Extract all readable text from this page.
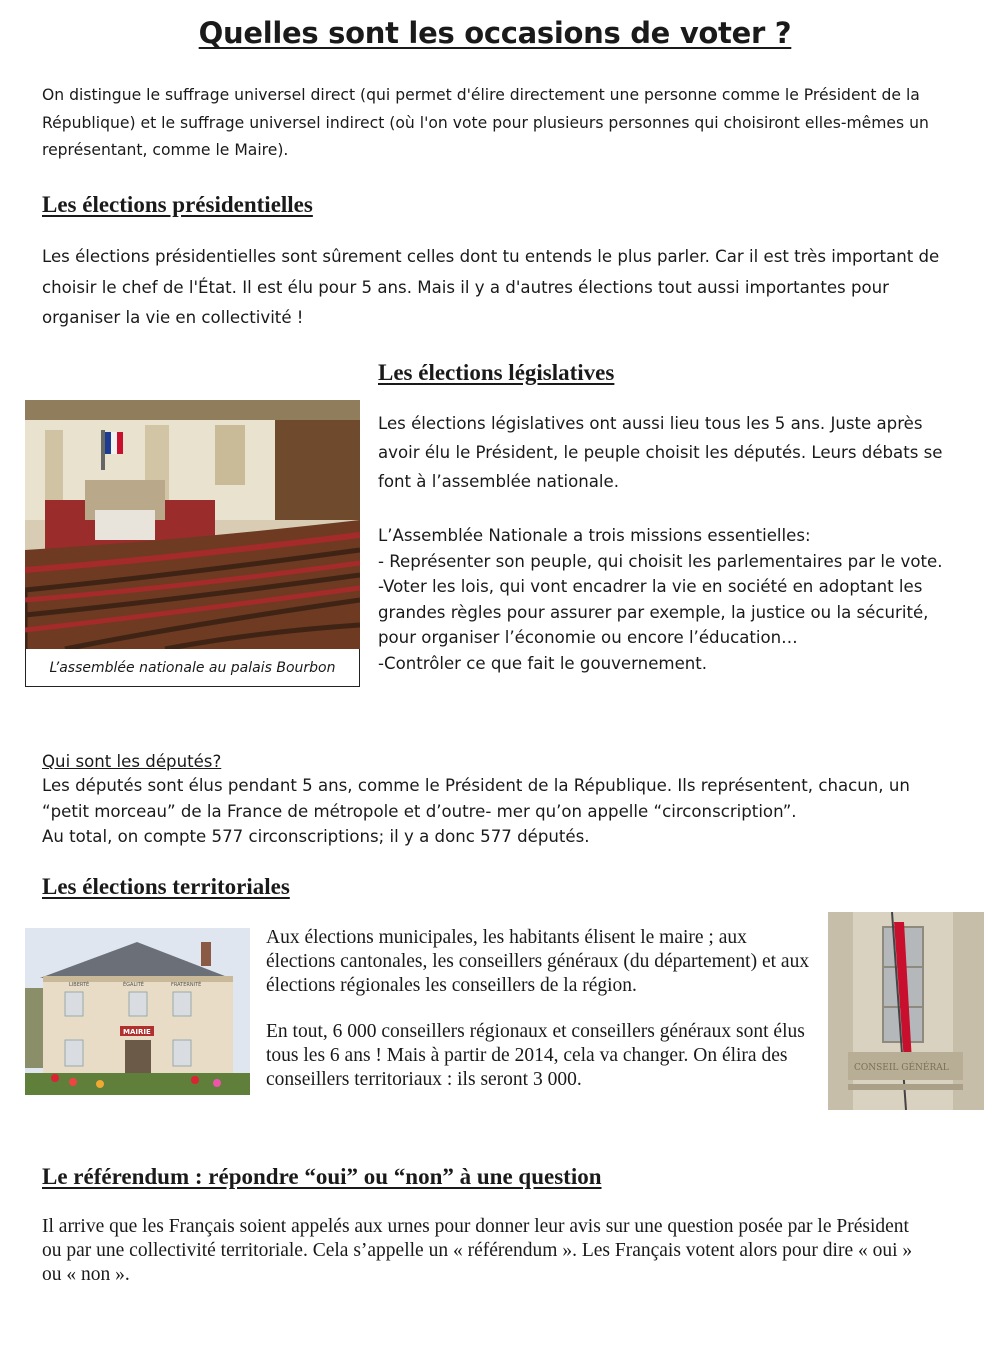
Quelles sont les occasions de voter ?

On distingue le suffrage universel direct (qui permet d'élire directement une personne comme le Président de la République) et le suffrage universel indirect (où l'on vote pour plusieurs personnes qui choisiront elles-mêmes un représentant, comme le Maire).

Les élections présidentielles

Les élections présidentielles sont sûrement celles dont tu entends le plus parler. Car il est très important de choisir le chef de l'État. Il est élu pour 5 ans. Mais il y a d'autres élections tout aussi importantes pour organiser la vie en collectivité !

Les élections législatives
L’assemblée nationale au palais Bourbon

Les élections législatives ont aussi lieu tous les 5 ans. Juste après avoir élu le Président, le peuple choisit les députés. Leurs débats se font à l’assemblée nationale.

L’Assemblée Nationale a trois missions essentielles:
- Représenter son peuple, qui choisit les parlementaires par le vote.
-Voter les lois, qui vont encadrer la vie en société en adoptant les grandes règles pour assurer par exemple, la justice ou la sécurité, pour organiser l’économie ou encore l’éducation…
-Contrôler ce que fait le gouvernement.
Qui sont les députés?
Les députés sont élus pendant 5 ans, comme le Président de la République. Ils représentent, chacun, un “petit morceau” de la France de métropole et d’outre- mer qu’on appelle “circonscription”.
Au total, on compte 577 circonscriptions; il y a donc 577 députés.
Les élections territoriales
LIBERTÉ	ÉGALITÉ	FRATERNITÉ
MAIRIE
Aux élections municipales, les habitants élisent le maire ; aux élections cantonales, les conseillers généraux (du département) et aux élections régionales les conseillers de la région.
En tout, 6 000 conseillers régionaux et conseillers généraux sont élus tous les 6 ans ! Mais à partir de 2014, cela va changer. On élira des conseillers territoriaux : ils seront 3 000.
CONSEIL GÉNÉRAL
Le référendum : répondre “oui” ou “non” à une question

Il arrive que les Français soient appelés aux urnes pour donner leur avis sur une question posée par le Président ou par une collectivité territoriale. Cela s’appelle un « référendum ». Les Français votent alors pour dire « oui » ou « non ».
